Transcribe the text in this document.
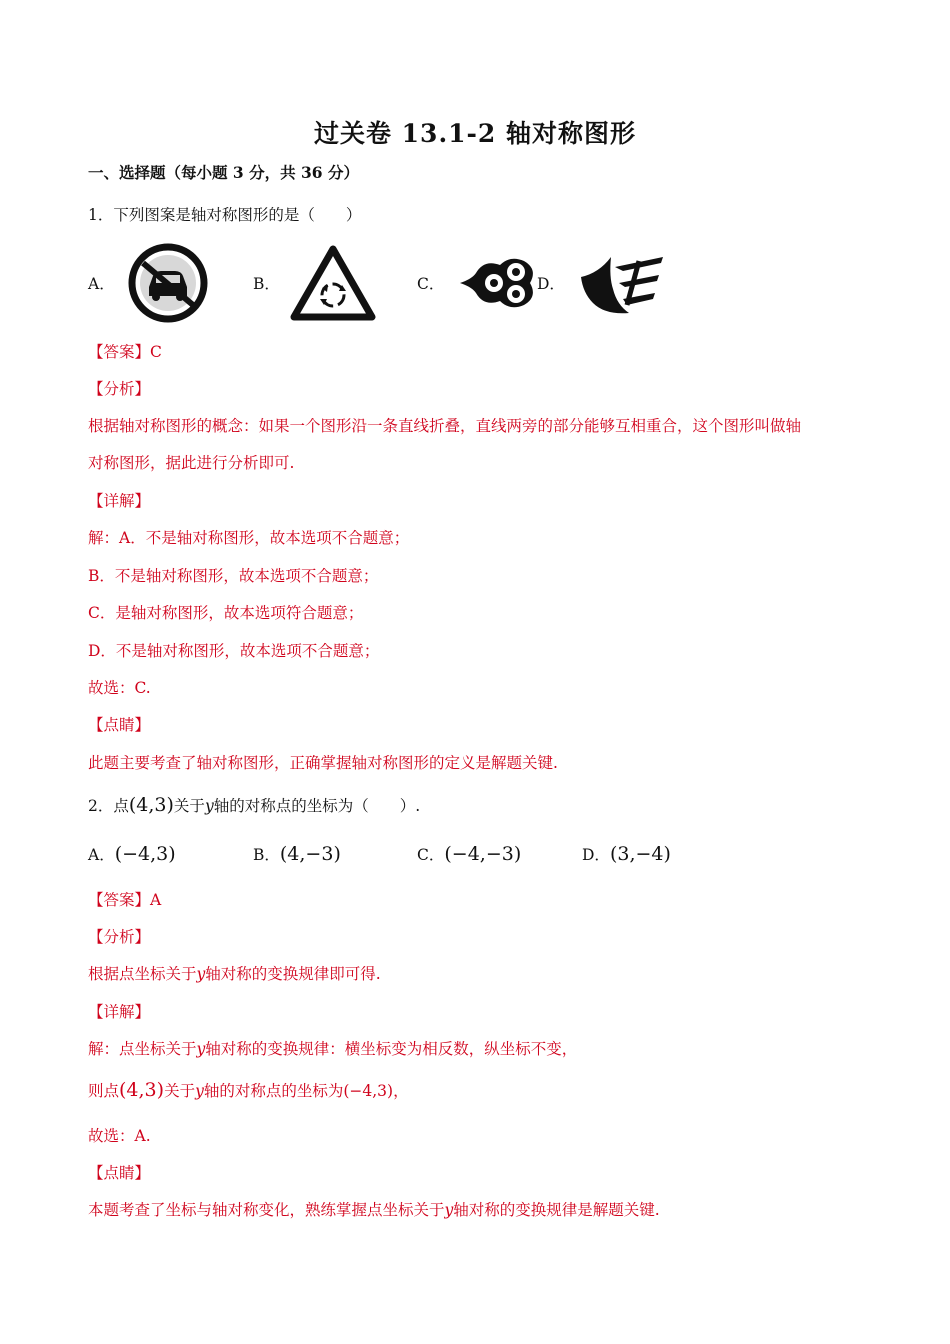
过关卷 13.1-2 轴对称图形
一、选择题（每小题 3 分，共 36 分）
1．下列图案是轴对称图形的是（　　）
A．	B．	C．	D．
【答案】C
【分析】
根据轴对称图形的概念：如果一个图形沿一条直线折叠，直线两旁的部分能够互相重合，这个图形叫做轴
对称图形，据此进行分析即可.
【详解】
解：A．不是轴对称图形，故本选项不合题意；
B．不是轴对称图形，故本选项不合题意；
C．是轴对称图形，故本选项符合题意；
D．不是轴对称图形，故本选项不合题意；
故选：C.
【点睛】
此题主要考查了轴对称图形，正确掌握轴对称图形的定义是解题关键.
2．点(4,3)关于y轴的对称点的坐标为（　　）.
A．(−4,3)	B．(4,−3)	C．(−4,−3)	D．(3,−4)
【答案】A
【分析】
根据点坐标关于y轴对称的变换规律即可得.
【详解】
解：点坐标关于y轴对称的变换规律：横坐标变为相反数，纵坐标不变，
则点(4,3)关于y轴的对称点的坐标为(−4,3)，
故选：A.
【点睛】
本题考查了坐标与轴对称变化，熟练掌握点坐标关于y轴对称的变换规律是解题关键.
